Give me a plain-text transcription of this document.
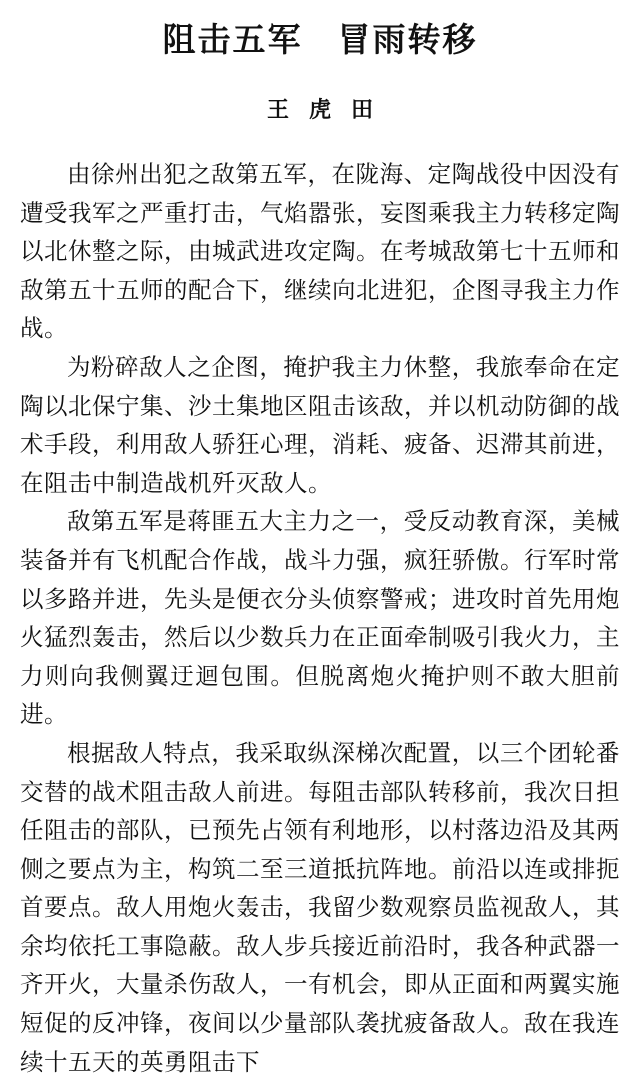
阻击五军　冒雨转移
王虎田

由徐州出犯之敌第五军，在陇海、定陶战役中因没有遭受我军之严重打击，气焰嚣张，妄图乘我主力转移定陶以北休整之际，由城武进攻定陶。在考城敌第七十五师和敌第五十五师的配合下，继续向北进犯，企图寻我主力作战。

为粉碎敌人之企图，掩护我主力休整，我旅奉命在定陶以北保宁集、沙土集地区阻击该敌，并以机动防御的战术手段，利用敌人骄狂心理，消耗、疲备、迟滞其前进，在阻击中制造战机歼灭敌人。

敌第五军是蒋匪五大主力之一，受反动教育深，美械装备并有飞机配合作战，战斗力强，疯狂骄傲。行军时常以多路并进，先头是便衣分头侦察警戒；进攻时首先用炮火猛烈轰击，然后以少数兵力在正面牵制吸引我火力，主力则向我侧翼迂迴包围。但脱离炮火掩护则不敢大胆前进。

根据敌人特点，我采取纵深梯次配置，以三个团轮番交替的战术阻击敌人前进。每阻击部队转移前，我次日担任阻击的部队，已预先占领有利地形，以村落边沿及其两侧之要点为主，构筑二至三道抵抗阵地。前沿以连或排扼首要点。敌人用炮火轰击，我留少数观察员监视敌人，其余均依托工事隐蔽。敌人步兵接近前沿时，我各种武器一齐开火，大量杀伤敌人，一有机会，即从正面和两翼实施短促的反冲锋，夜间以少量部队袭扰疲备敌人。敌在我连续十五天的英勇阻击下
